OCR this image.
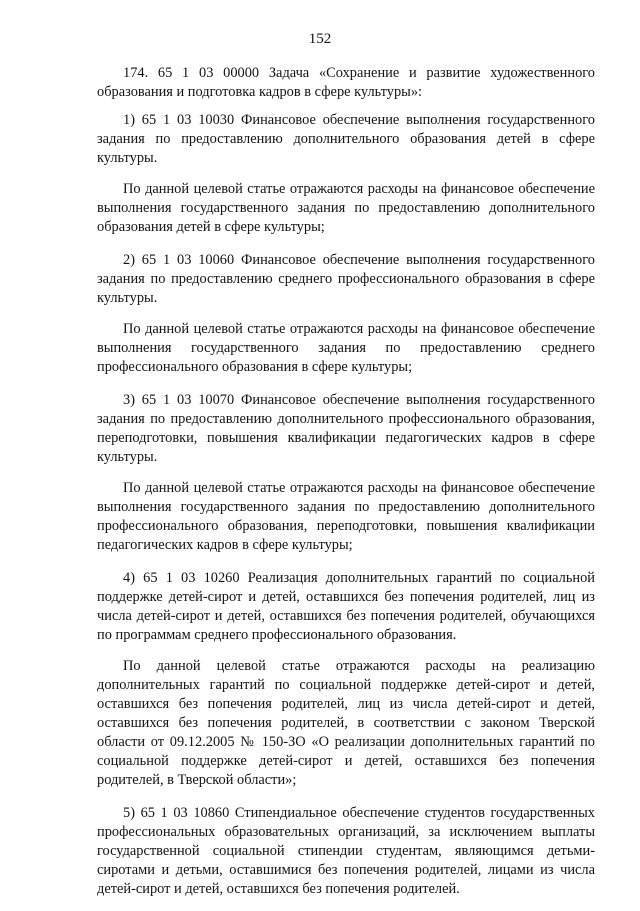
152

174. 65 1 03 00000 Задача «Сохранение и развитие художественного образования и подготовка кадров в сфере культуры»:

1) 65 1 03 10030 Финансовое обеспечение выполнения государственного задания по предоставлению дополнительного образования детей в сфере культуры.

По данной целевой статье отражаются расходы на финансовое обеспечение выполнения государственного задания по предоставлению дополнительного образования детей в сфере культуры;

2) 65 1 03 10060 Финансовое обеспечение выполнения государственного задания по предоставлению среднего профессионального образования в сфере культуры.

По данной целевой статье отражаются расходы на финансовое обеспечение выполнения государственного задания по предоставлению среднего профессионального образования в сфере культуры;

3) 65 1 03 10070 Финансовое обеспечение выполнения государственного задания по предоставлению дополнительного профессионального образования, переподготовки, повышения квалификации педагогических кадров в сфере культуры.

По данной целевой статье отражаются расходы на финансовое обеспечение выполнения государственного задания по предоставлению дополнительного профессионального образования, переподготовки, повышения квалификации педагогических кадров в сфере культуры;

4) 65 1 03 10260 Реализация дополнительных гарантий по социальной поддержке детей-сирот и детей, оставшихся без попечения родителей, лиц из числа детей-сирот и детей, оставшихся без попечения родителей, обучающихся по программам среднего профессионального образования.

По данной целевой статье отражаются расходы на реализацию дополнительных гарантий по социальной поддержке детей-сирот и детей, оставшихся без попечения родителей, лиц из числа детей-сирот и детей, оставшихся без попечения родителей, в соответствии с законом Тверской области от 09.12.2005 № 150-ЗО «О реализации дополнительных гарантий по социальной поддержке детей-сирот и детей, оставшихся без попечения родителей, в Тверской области»;

5) 65 1 03 10860 Стипендиальное обеспечение студентов государственных профессиональных образовательных организаций, за исключением выплаты государственной социальной стипендии студентам, являющимся детьми-сиротами и детьми, оставшимися без попечения родителей, лицами из числа детей-сирот и детей, оставшихся без попечения родителей.
